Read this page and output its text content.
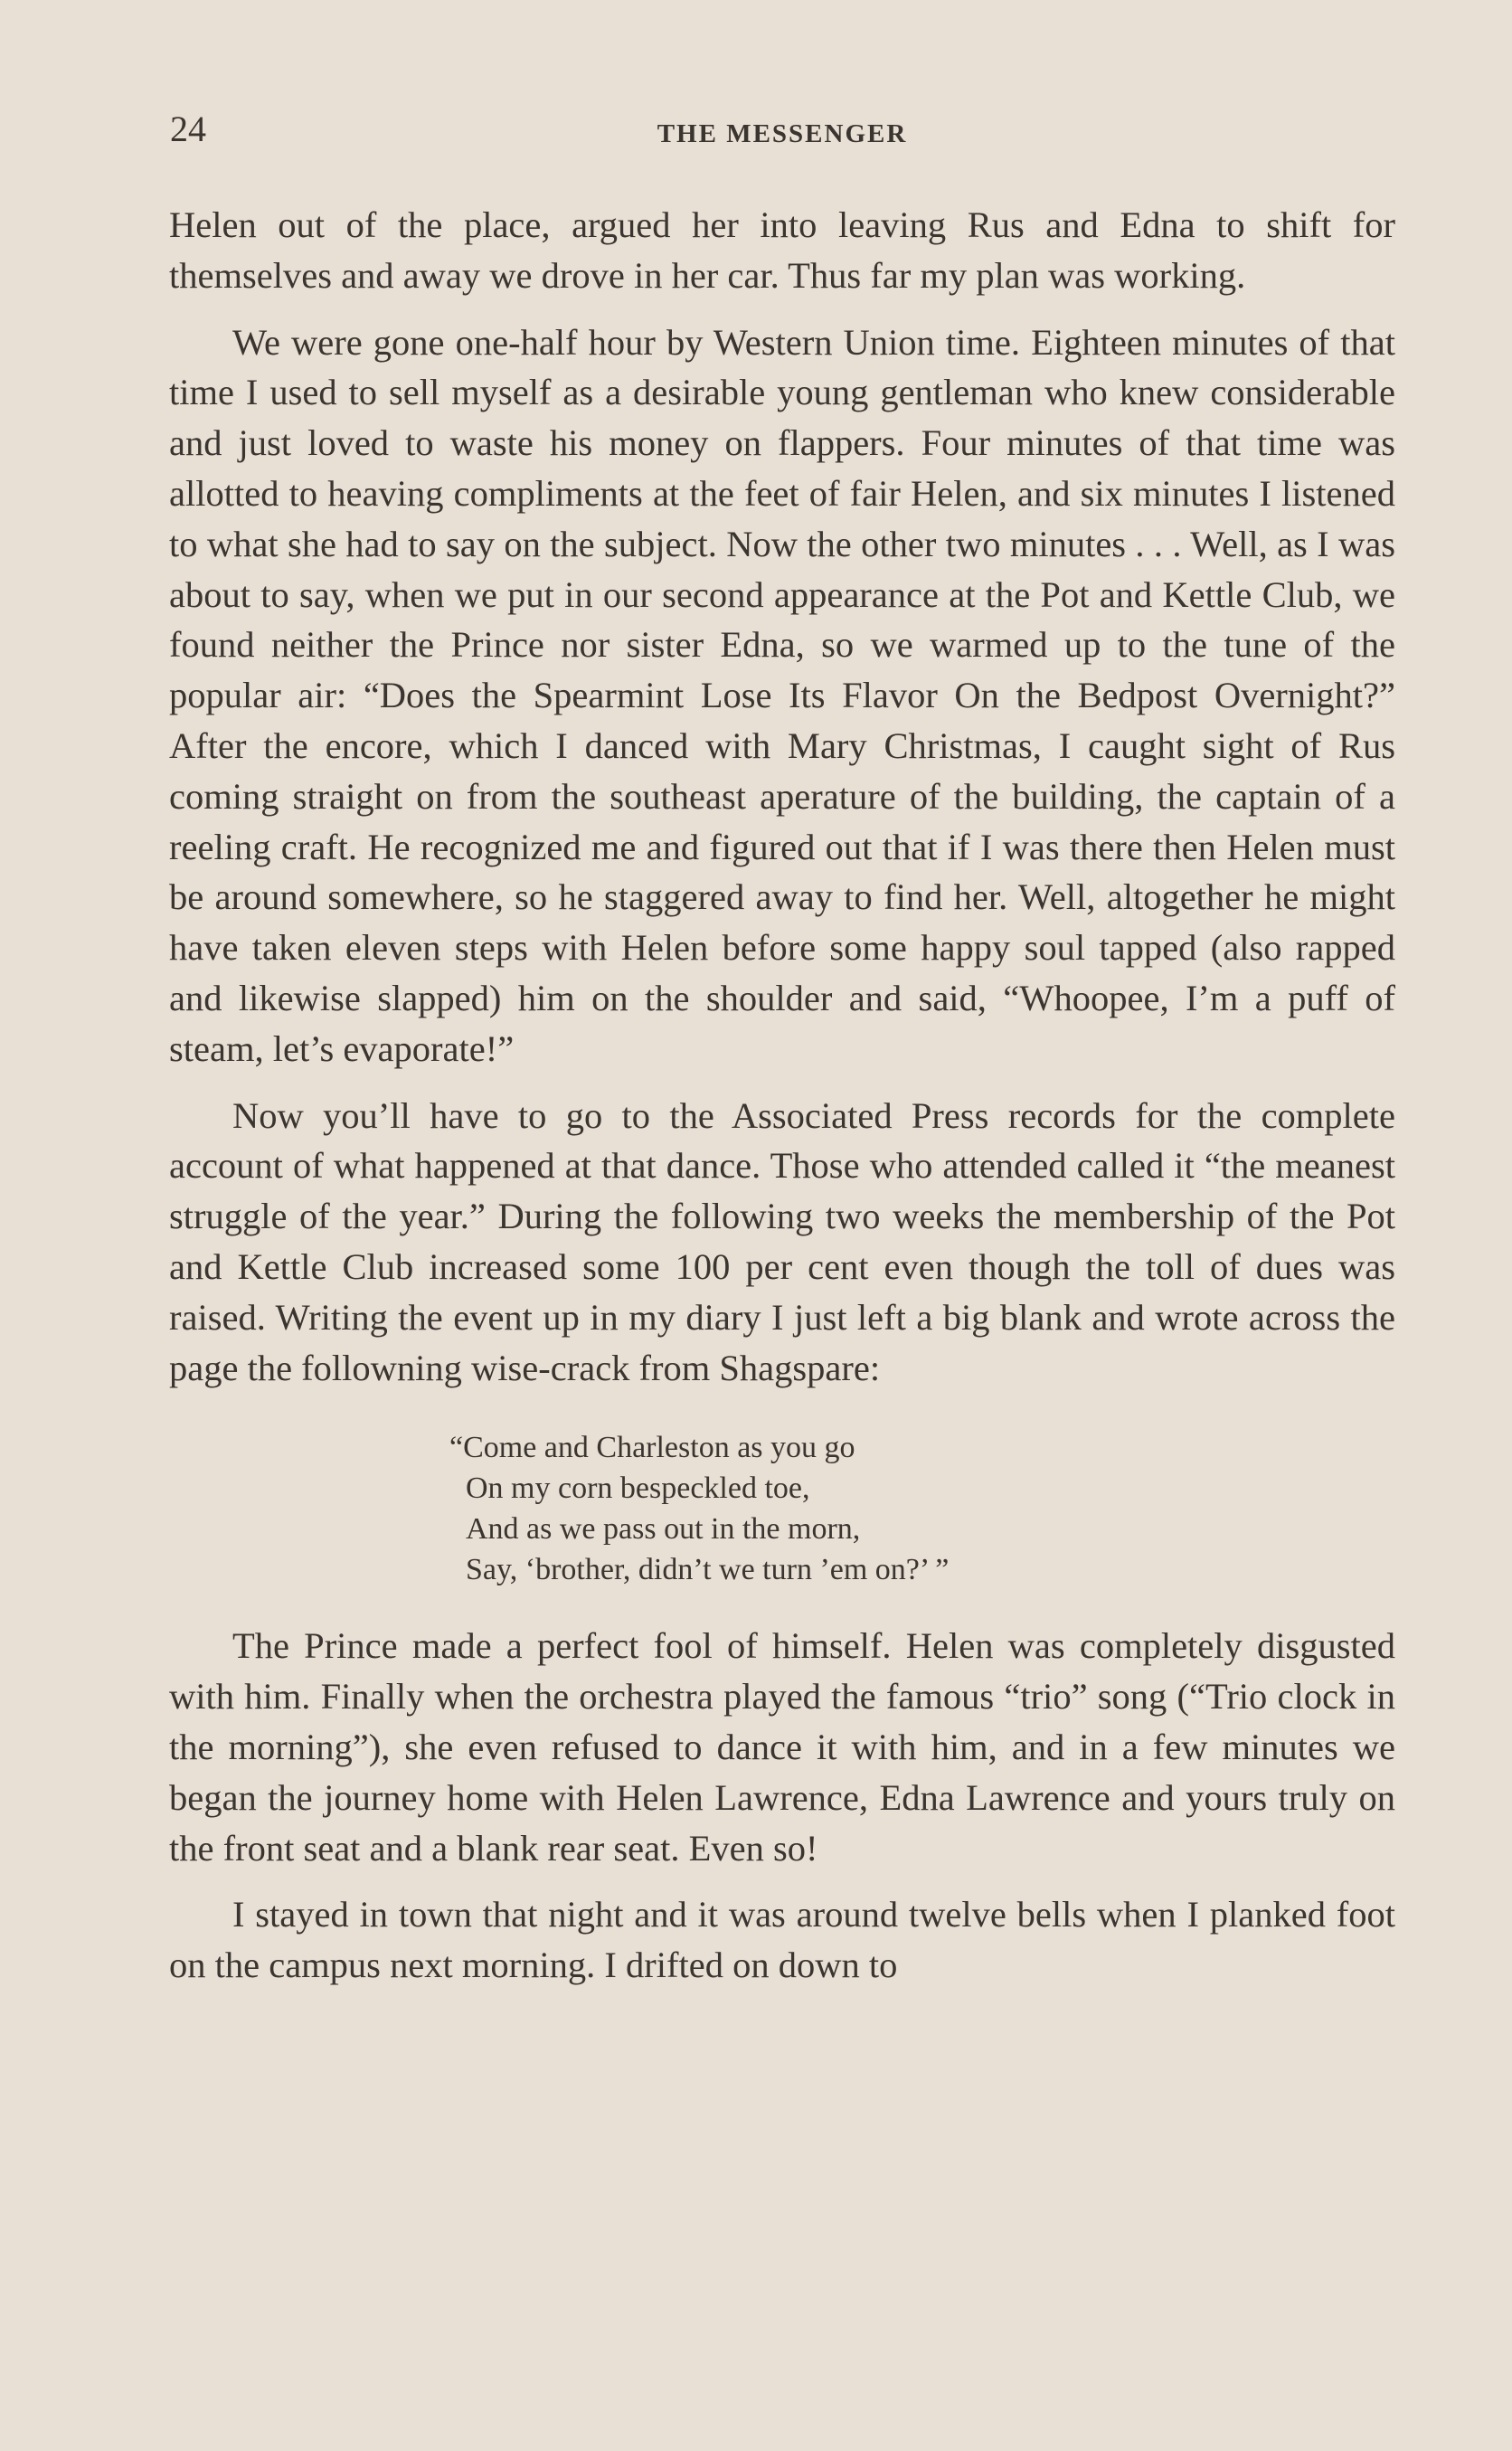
24	THE MESSENGER

Helen out of the place, argued her into leaving Rus and Edna to shift for themselves and away we drove in her car. Thus far my plan was working.

We were gone one-half hour by Western Union time. Eighteen minutes of that time I used to sell myself as a desirable young gentleman who knew considerable and just loved to waste his money on flappers. Four minutes of that time was allotted to heaving compliments at the feet of fair Helen, and six minutes I listened to what she had to say on the subject. Now the other two minutes . . . Well, as I was about to say, when we put in our second appearance at the Pot and Kettle Club, we found neither the Prince nor sister Edna, so we warmed up to the tune of the popular air: “Does the Spearmint Lose Its Flavor On the Bedpost Overnight?” After the encore, which I danced with Mary Christmas, I caught sight of Rus coming straight on from the southeast aperature of the building, the captain of a reeling craft. He recognized me and figured out that if I was there then Helen must be around somewhere, so he staggered away to find her. Well, altogether he might have taken eleven steps with Helen before some happy soul tapped (also rapped and likewise slapped) him on the shoulder and said, “Whoopee, I’m a puff of steam, let’s evaporate!”

Now you’ll have to go to the Associated Press records for the complete account of what happened at that dance. Those who attended called it “the meanest struggle of the year.” During the following two weeks the membership of the Pot and Kettle Club increased some 100 per cent even though the toll of dues was raised. Writing the event up in my diary I just left a big blank and wrote across the page the followning wise-crack from Shagspare:

“Come and Charleston as you go
On my corn bespeckled toe,
And as we pass out in the morn,
Say, ‘brother, didn’t we turn ’em on?’ ”

The Prince made a perfect fool of himself. Helen was completely disgusted with him. Finally when the orchestra played the famous “trio” song (“Trio clock in the morning”), she even refused to dance it with him, and in a few minutes we began the journey home with Helen Lawrence, Edna Lawrence and yours truly on the front seat and a blank rear seat. Even so!

I stayed in town that night and it was around twelve bells when I planked foot on the campus next morning. I drifted on down to
